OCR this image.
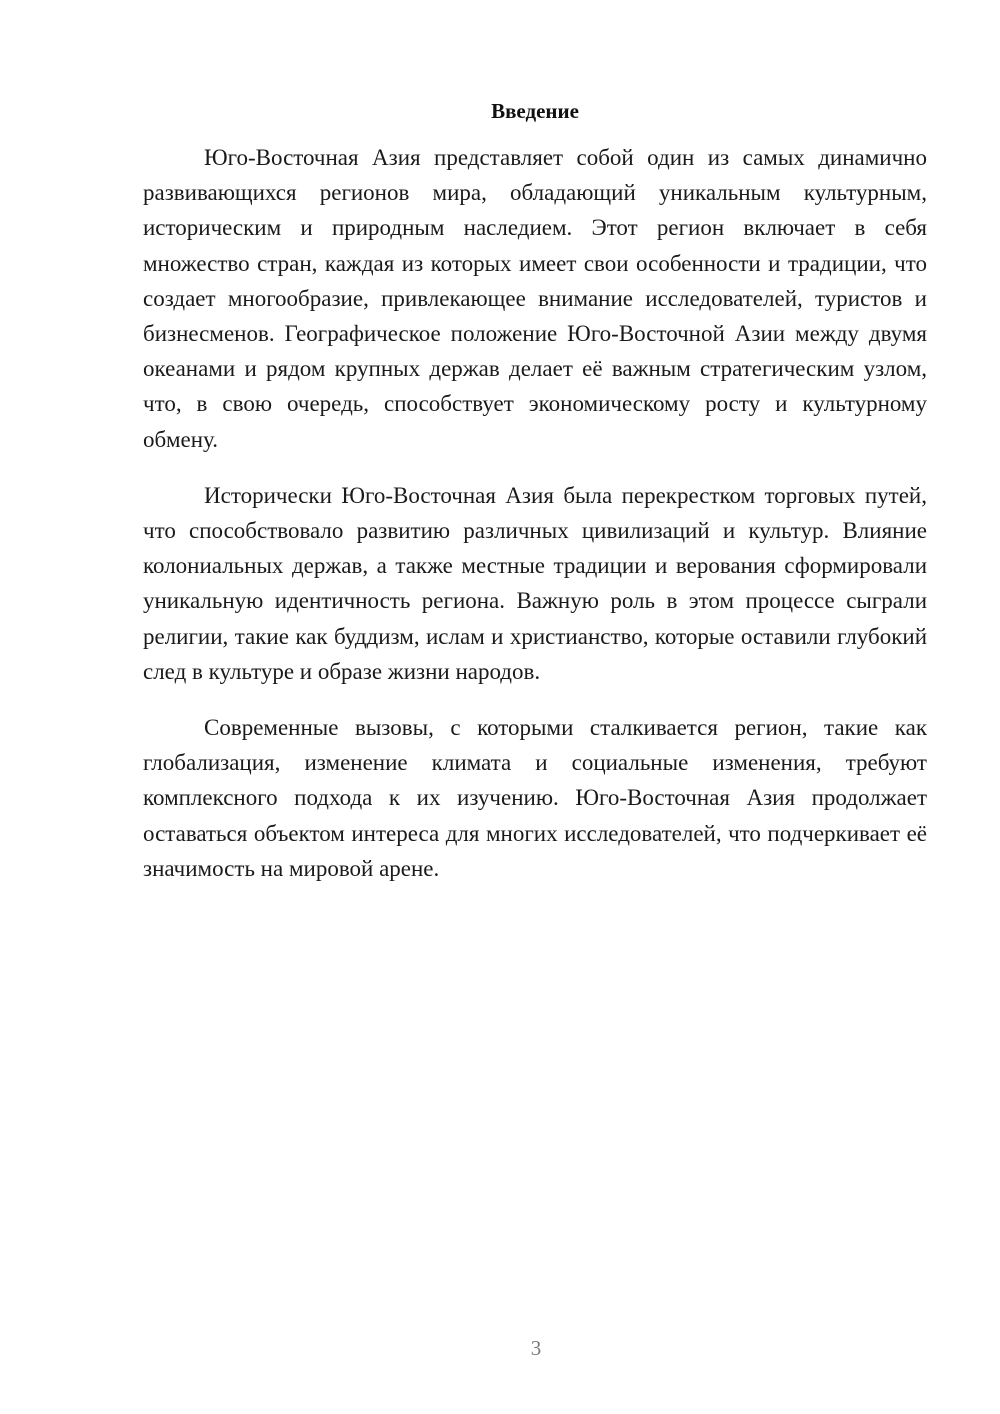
Введение

Юго-Восточная Азия представляет собой один из самых динамично развивающихся регионов мира, обладающий уникальным культурным, историческим и природным наследием. Этот регион включает в себя множество стран, каждая из которых имеет свои особенности и традиции, что создает многообразие, привлекающее внимание исследователей, туристов и бизнесменов. Географическое положение Юго-Восточной Азии между двумя океанами и рядом крупных держав делает её важным стратегическим узлом, что, в свою очередь, способствует экономическому росту и культурному обмену.

Исторически Юго-Восточная Азия была перекрестком торговых путей, что способствовало развитию различных цивилизаций и культур. Влияние колониальных держав, а также местные традиции и верования сформировали уникальную идентичность региона. Важную роль в этом процессе сыграли религии, такие как буддизм, ислам и христианство, которые оставили глубокий след в культуре и образе жизни народов.

Современные вызовы, с которыми сталкивается регион, такие как глобализация, изменение климата и социальные изменения, требуют комплексного подхода к их изучению. Юго-Восточная Азия продолжает оставаться объектом интереса для многих исследователей, что подчеркивает её значимость на мировой арене.

3
